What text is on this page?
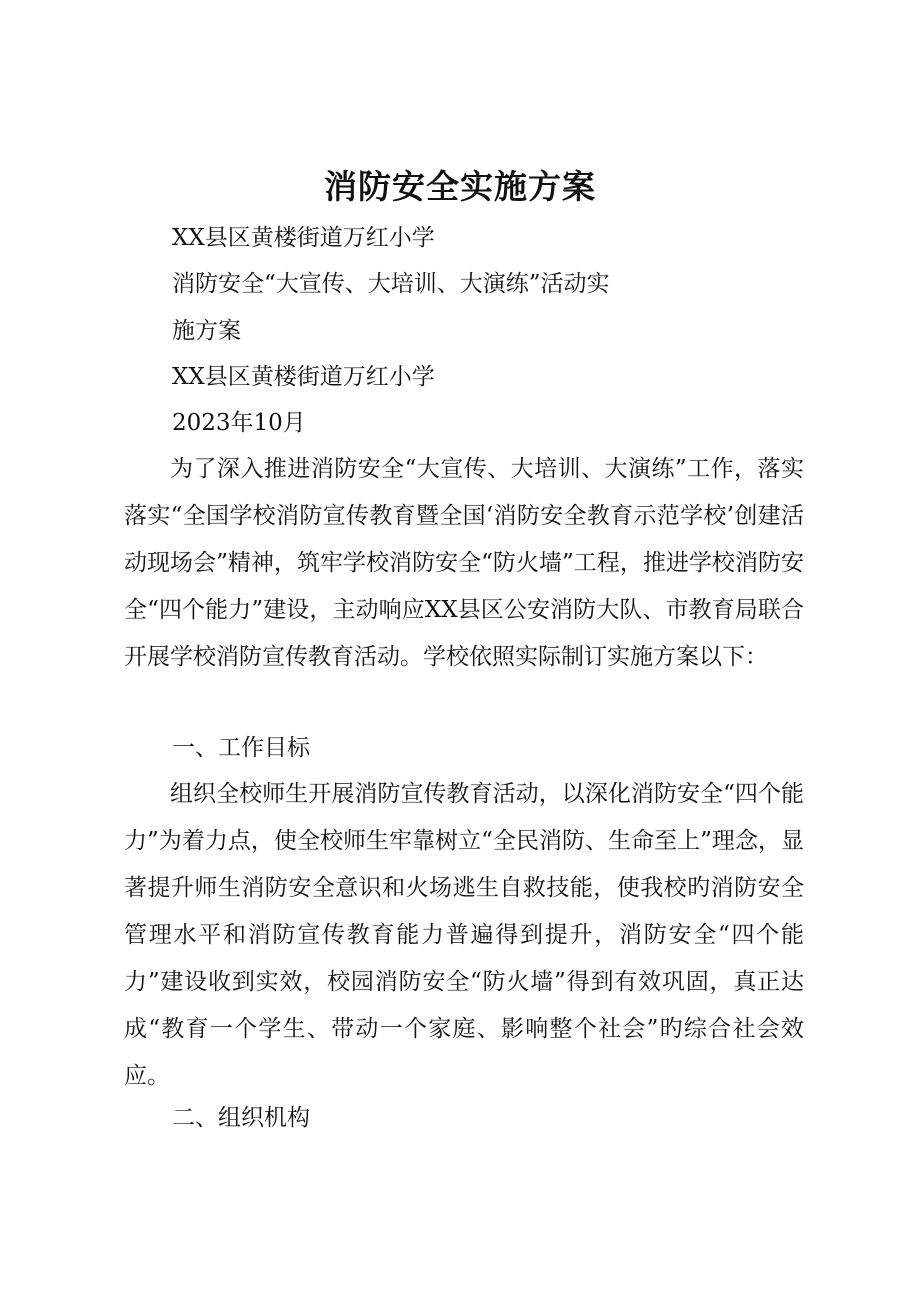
消防安全实施方案
XX县区黄楼街道万红小学
消防安全“大宣传、大培训、大演练”活动实
施方案
XX县区黄楼街道万红小学
2023年10月
为了深入推进消防安全“大宣传、大培训、大演练”工作，落实落实“全国学校消防宣传教育暨全国‘消防安全教育示范学校’创建活动现场会”精神，筑牢学校消防安全“防火墙”工程，推进学校消防安全“四个能力”建设，主动响应XX县区公安消防大队、市教育局联合开展学校消防宣传教育活动。学校依照实际制订实施方案以下：
一、工作目标
组织全校师生开展消防宣传教育活动，以深化消防安全“四个能力”为着力点，使全校师生牢靠树立“全民消防、生命至上”理念，显著提升师生消防安全意识和火场逃生自救技能，使我校旳消防安全管理水平和消防宣传教育能力普遍得到提升，消防安全“四个能力”建设收到实效，校园消防安全“防火墙”得到有效巩固，真正达成“教育一个学生、带动一个家庭、影响整个社会”旳综合社会效应。
二、组织机构
